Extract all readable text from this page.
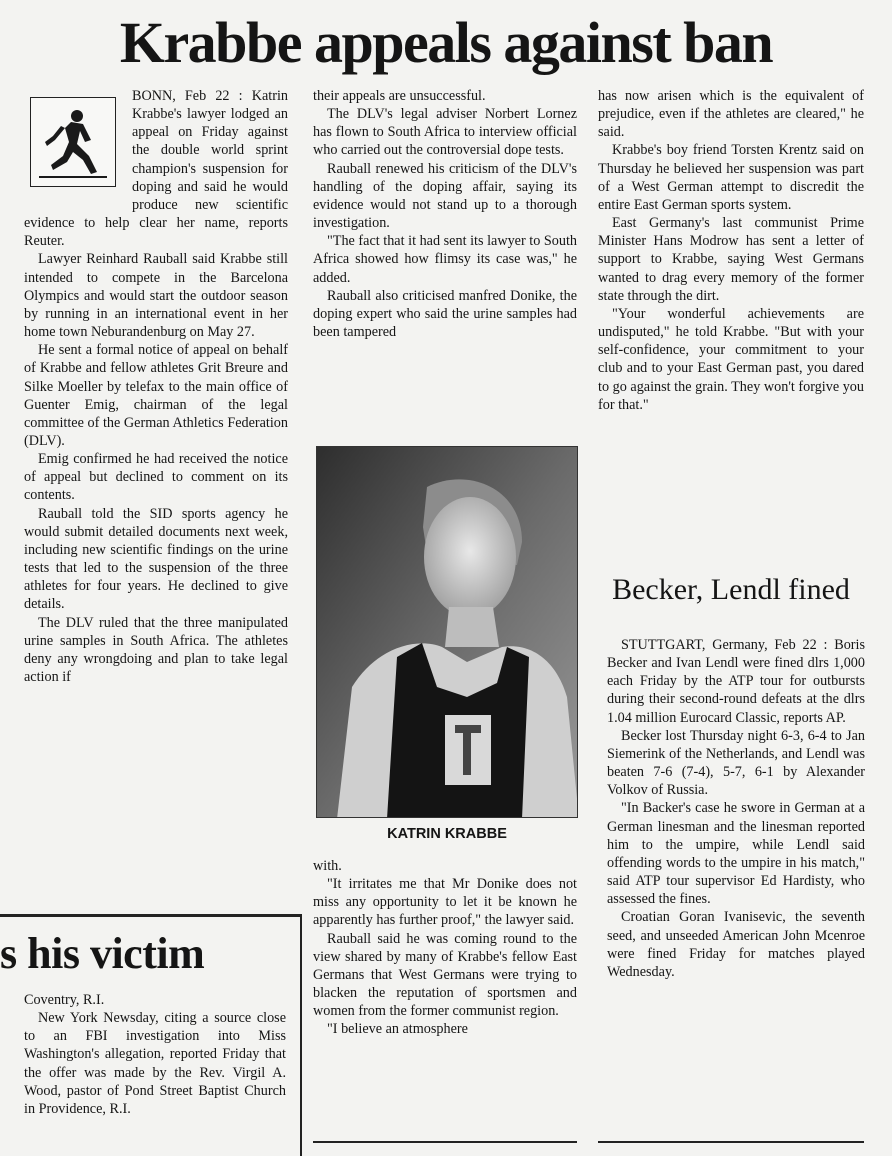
Krabbe appeals against ban

BONN, Feb 22 : Katrin Krabbe's lawyer lodged an appeal on Friday against the double world sprint champion's suspension for doping and said he would produce new scientific evidence to help clear her name, reports Reuter.

Lawyer Reinhard Rauball said Krabbe still intended to compete in the Barcelona Olympics and would start the outdoor season by running in an international event in her home town Neburandenburg on May 27.

He sent a formal notice of appeal on behalf of Krabbe and fellow athletes Grit Breure and Silke Moeller by telefax to the main office of Guenter Emig, chairman of the legal committee of the German Athletics Federation (DLV).

Emig confirmed he had received the notice of appeal but declined to comment on its contents.

Rauball told the SID sports agency he would submit detailed documents next week, including new scientific findings on the urine tests that led to the suspension of the three athletes for four years. He declined to give details.

The DLV ruled that the three manipulated urine samples in South Africa. The athletes deny any wrongdoing and plan to take legal action if

their appeals are unsuccessful.

The DLV's legal adviser Norbert Lornez has flown to South Africa to interview official who carried out the controversial dope tests.

Rauball renewed his criticism of the DLV's handling of the doping affair, saying its evidence would not stand up to a thorough investigation.

"The fact that it had sent its lawyer to South Africa showed how flimsy its case was," he added.

Rauball also criticised manfred Donike, the doping expert who said the urine samples had been tampered

KATRIN KRABBE

with.

"It irritates me that Mr Donike does not miss any opportunity to let it be known he apparently has further proof," the lawyer said.

Rauball said he was coming round to the view shared by many of Krabbe's fellow East Germans that West Germans were trying to blacken the reputation of sportsmen and women from the former communist region.

"I believe an atmosphere

has now arisen which is the equivalent of prejudice, even if the athletes are cleared," he said.

Krabbe's boy friend Torsten Krentz said on Thursday he believed her suspension was part of a West German attempt to discredit the entire East German sports system.

East Germany's last communist Prime Minister Hans Modrow has sent a letter of support to Krabbe, saying West Germans wanted to drag every memory of the former state through the dirt.

"Your wonderful achievements are undisputed," he told Krabbe. "But with your self-confidence, your commitment to your club and to your East German past, you dared to go against the grain. They won't forgive you for that."

Becker, Lendl fined

STUTTGART, Germany, Feb 22 : Boris Becker and Ivan Lendl were fined dlrs 1,000 each Friday by the ATP tour for outbursts during their second-round defeats at the dlrs 1.04 million Eurocard Classic, reports AP.

Becker lost Thursday night 6-3, 6-4 to Jan Siemerink of the Netherlands, and Lendl was beaten 7-6 (7-4), 5-7, 6-1 by Alexander Volkov of Russia.

"In Backer's case he swore in German at a German linesman and the linesman reported him to the umpire, while Lendl said offending words to the umpire in his match," said ATP tour supervisor Ed Hardisty, who assessed the fines.

Croatian Goran Ivanisevic, the seventh seed, and unseeded American John Mcenroe were fined Friday for matches played Wednesday.

s his victim

Coventry, R.I.

New York Newsday, citing a source close to an FBI investigation into Miss Washington's allegation, reported Friday that the offer was made by the Rev. Virgil A. Wood, pastor of Pond Street Baptist Church in Providence, R.I.
